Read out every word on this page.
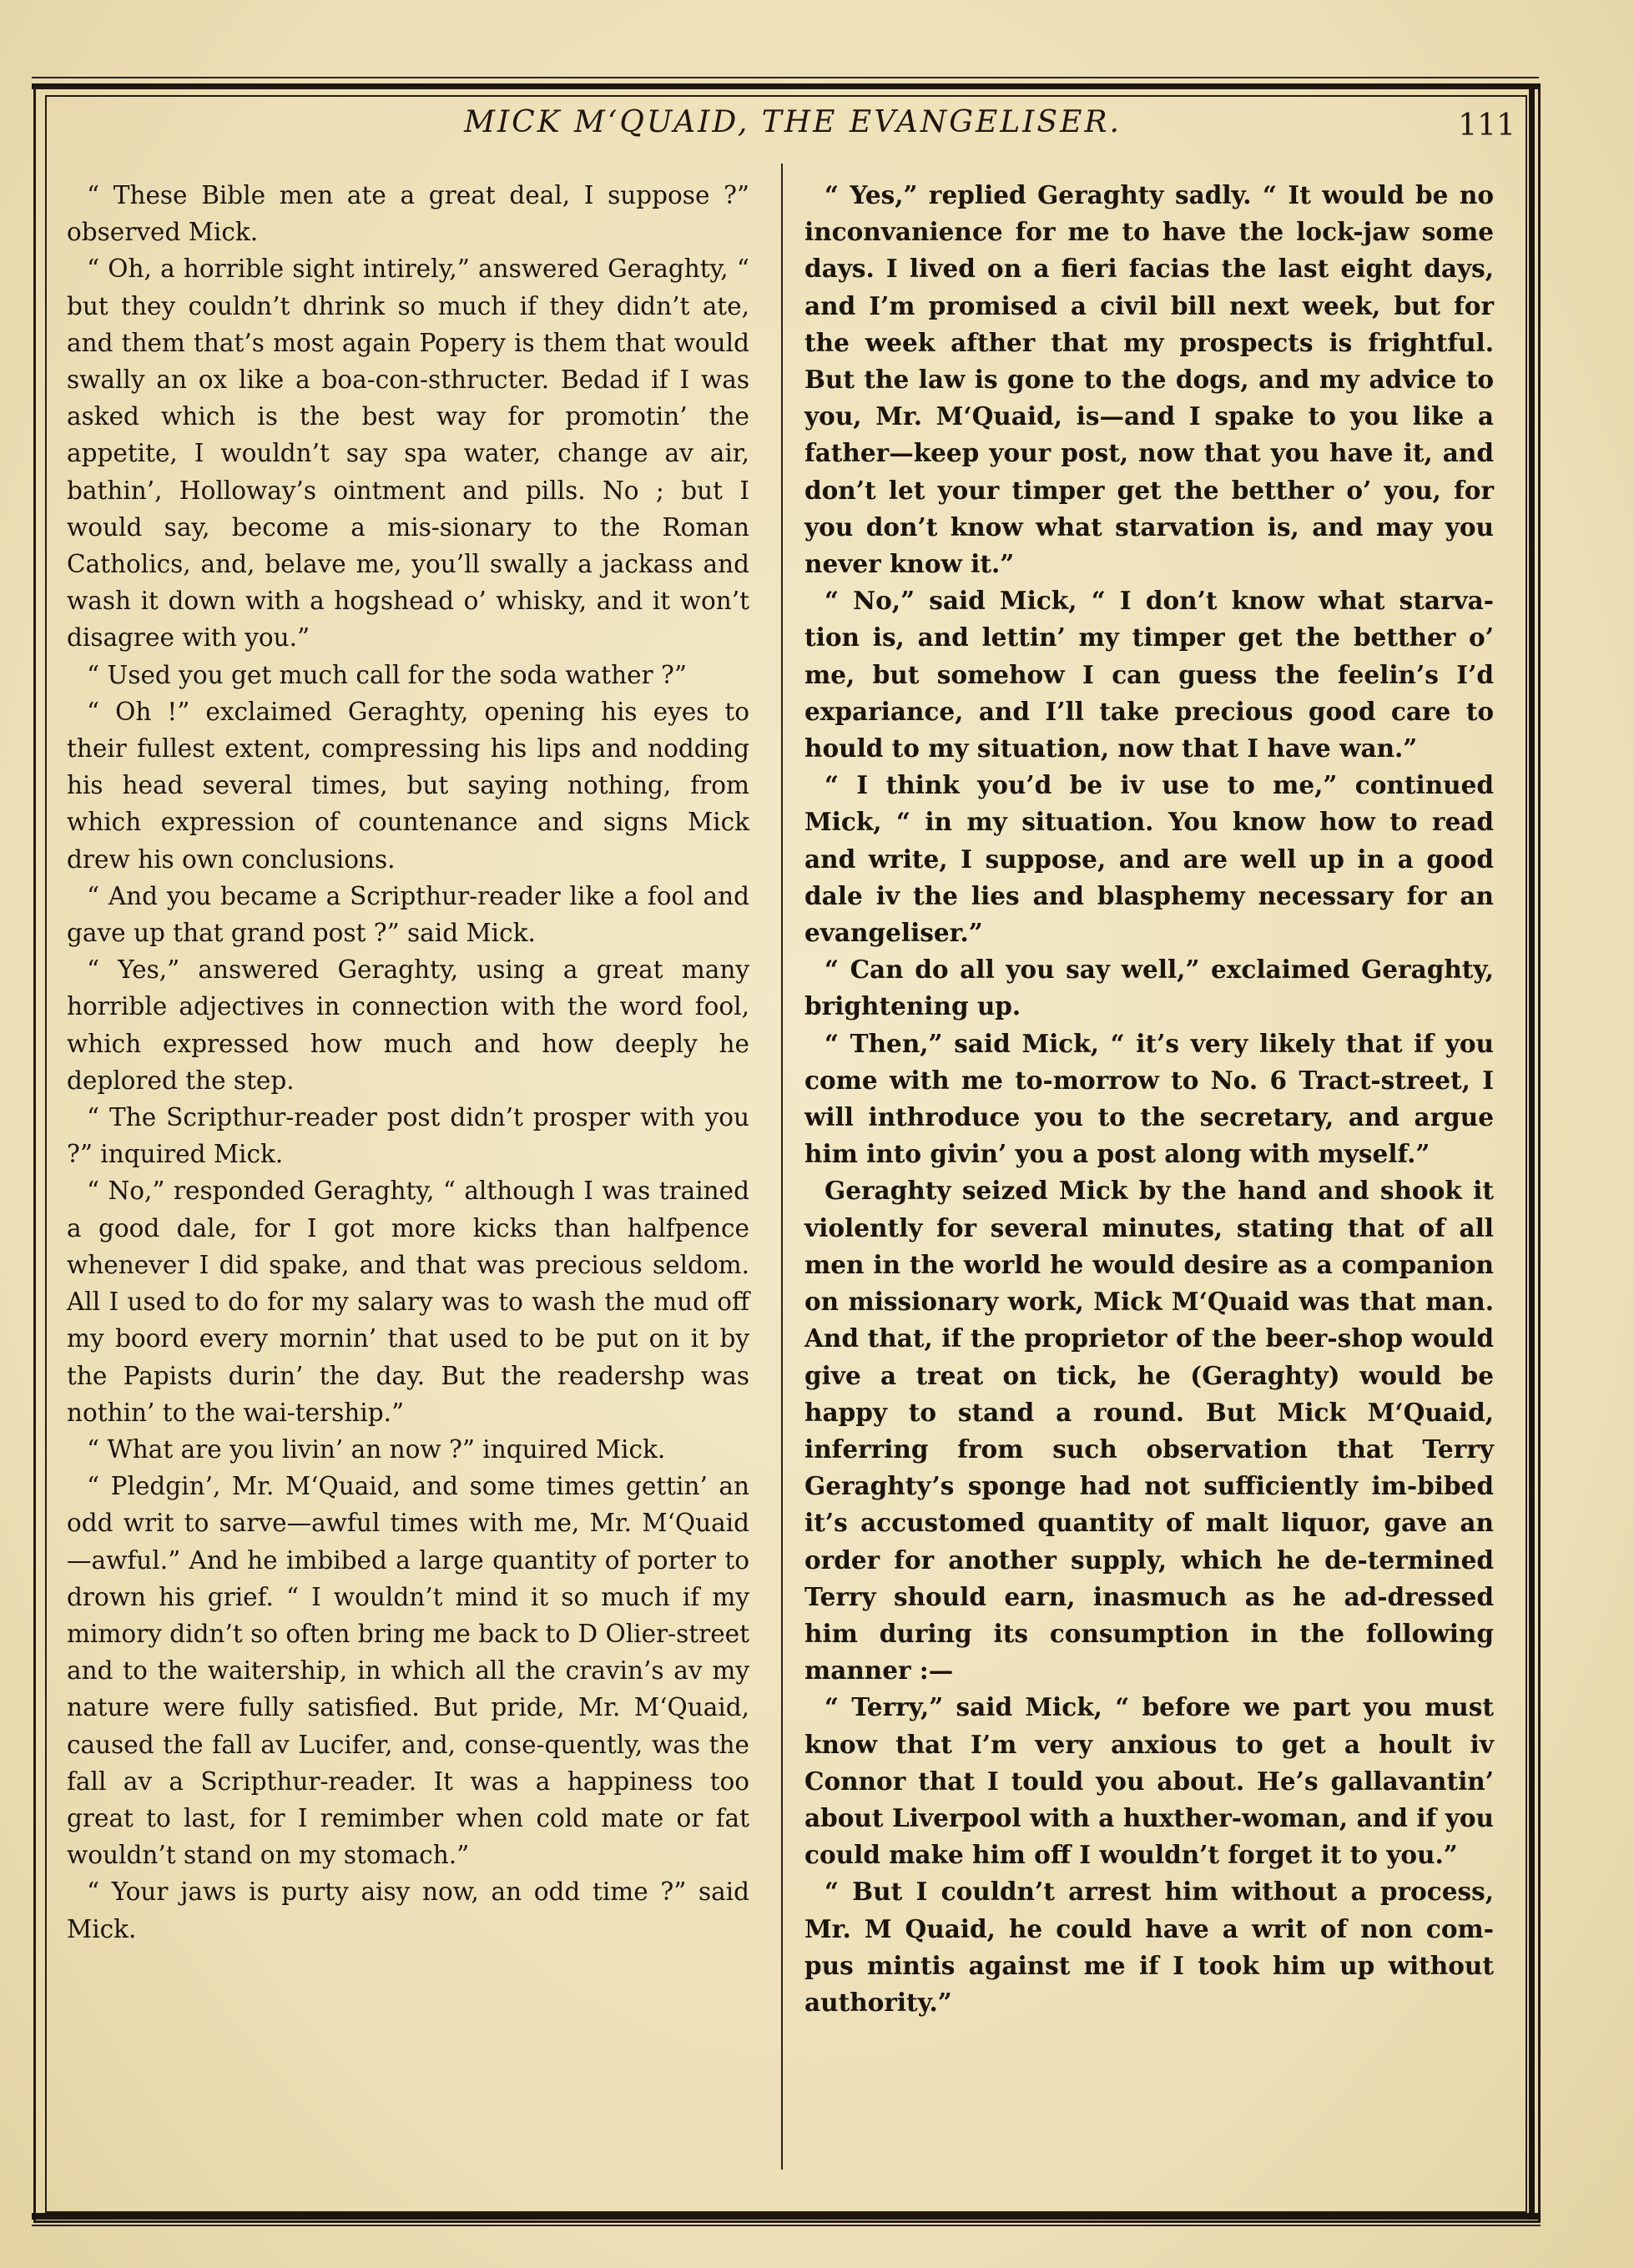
MICK M‘QUAID, THE EVANGELISER.	111

“ These Bible men ate a great deal, I suppose ?” observed Mick.

“ Oh, a horrible sight intirely,” answered Geraghty, “ but they couldn’t dhrink so much if they didn’t ate, and them that’s most again Popery is them that would swally an ox like a boa-con-sthructer. Bedad if I was asked which is the best way for promotin’ the appetite, I wouldn’t say spa water, change av air, bathin’, Holloway’s ointment and pills. No ; but I would say, become a mis-sionary to the Roman Catholics, and, belave me, you’ll swally a jackass and wash it down with a hogshead o’ whisky, and it won’t disagree with you.”

“ Used you get much call for the soda wather ?”

“ Oh !” exclaimed Geraghty, opening his eyes to their fullest extent, compressing his lips and nodding his head several times, but saying nothing, from which expression of countenance and signs Mick drew his own conclusions.

“ And you became a Scripthur-reader like a fool and gave up that grand post ?” said Mick.

“ Yes,” answered Geraghty, using a great many horrible adjectives in connection with the word fool, which expressed how much and how deeply he deplored the step.

“ The Scripthur-reader post didn’t prosper with you ?” inquired Mick.

“ No,” responded Geraghty, “ although I was trained a good dale, for I got more kicks than halfpence whenever I did spake, and that was precious seldom. All I used to do for my salary was to wash the mud off my boord every mornin’ that used to be put on it by the Papists durin’ the day. But the readershp was nothin’ to the wai-tership.”

“ What are you livin’ an now ?” inquired Mick.

“ Pledgin’, Mr. M‘Quaid, and some times gettin’ an odd writ to sarve—awful times with me, Mr. M‘Quaid—awful.” And he imbibed a large quantity of porter to drown his grief. “ I wouldn’t mind it so much if my mimory didn’t so often bring me back to D Olier-street and to the waitership, in which all the cravin’s av my nature were fully satisfied. But pride, Mr. M‘Quaid, caused the fall av Lucifer, and, conse-quently, was the fall av a Scripthur-reader. It was a happiness too great to last, for I remimber when cold mate or fat wouldn’t stand on my stomach.”

“ Your jaws is purty aisy now, an odd time ?” said Mick.

“ Yes,” replied Geraghty sadly. “ It would be no inconvanience for me to have the lock-jaw some days. I lived on a fieri facias the last eight days, and I’m promised a civil bill next week, but for the week afther that my prospects is frightful. But the law is gone to the dogs, and my advice to you, Mr. M‘Quaid, is—and I spake to you like a father—keep your post, now that you have it, and don’t let your timper get the betther o’ you, for you don’t know what starvation is, and may you never know it.”

“ No,” said Mick, “ I don’t know what starva-tion is, and lettin’ my timper get the betther o’ me, but somehow I can guess the feelin’s I’d expariance, and I’ll take precious good care to hould to my situation, now that I have wan.”

“ I think you’d be iv use to me,” continued Mick, “ in my situation. You know how to read and write, I suppose, and are well up in a good dale iv the lies and blasphemy necessary for an evangeliser.”

“ Can do all you say well,” exclaimed Geraghty, brightening up.

“ Then,” said Mick, “ it’s very likely that if you come with me to-morrow to No. 6 Tract-street, I will inthroduce you to the secretary, and argue him into givin’ you a post along with myself.”

Geraghty seized Mick by the hand and shook it violently for several minutes, stating that of all men in the world he would desire as a companion on missionary work, Mick M‘Quaid was that man. And that, if the proprietor of the beer-shop would give a treat on tick, he (Geraghty) would be happy to stand a round. But Mick M‘Quaid, inferring from such observation that Terry Geraghty’s sponge had not sufficiently im-bibed it’s accustomed quantity of malt liquor, gave an order for another supply, which he de-termined Terry should earn, inasmuch as he ad-dressed him during its consumption in the following manner :—

“ Terry,” said Mick, “ before we part you must know that I’m very anxious to get a hoult iv Connor that I tould you about. He’s gallavantin’ about Liverpool with a huxther-woman, and if you could make him off I wouldn’t forget it to you.”

“ But I couldn’t arrest him without a process, Mr. M Quaid, he could have a writ of non com-pus mintis against me if I took him up without authority.”
